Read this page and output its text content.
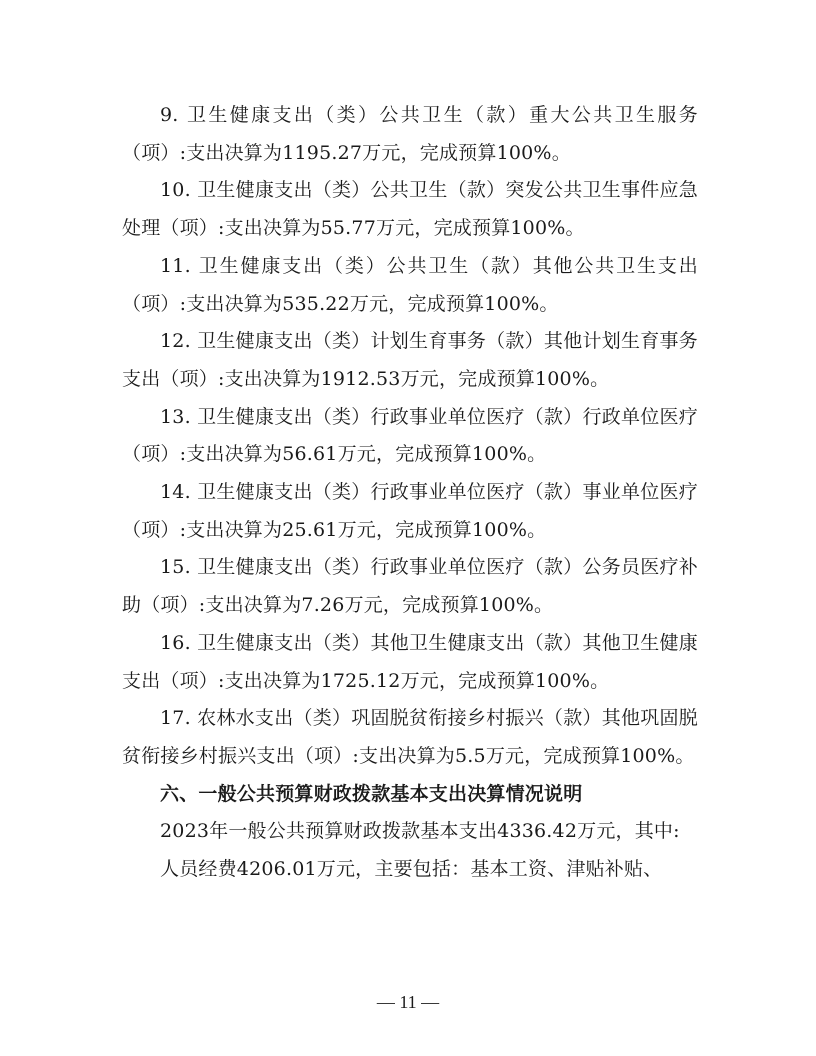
9. 卫生健康支出（类）公共卫生（款）重大公共卫生服务（项）:支出决算为1195.27万元，完成预算100%。

10. 卫生健康支出（类）公共卫生（款）突发公共卫生事件应急处理（项）:支出决算为55.77万元，完成预算100%。

11. 卫生健康支出（类）公共卫生（款）其他公共卫生支出（项）:支出决算为535.22万元，完成预算100%。

12. 卫生健康支出（类）计划生育事务（款）其他计划生育事务支出（项）:支出决算为1912.53万元，完成预算100%。

13. 卫生健康支出（类）行政事业单位医疗（款）行政单位医疗（项）:支出决算为56.61万元，完成预算100%。

14. 卫生健康支出（类）行政事业单位医疗（款）事业单位医疗（项）:支出决算为25.61万元，完成预算100%。

15. 卫生健康支出（类）行政事业单位医疗（款）公务员医疗补助（项）:支出决算为7.26万元，完成预算100%。

16. 卫生健康支出（类）其他卫生健康支出（款）其他卫生健康支出（项）:支出决算为1725.12万元，完成预算100%。

17. 农林水支出（类）巩固脱贫衔接乡村振兴（款）其他巩固脱贫衔接乡村振兴支出（项）:支出决算为5.5万元，完成预算100%。

六、一般公共预算财政拨款基本支出决算情况说明

2023年一般公共预算财政拨款基本支出4336.42万元，其中:

人员经费4206.01万元，主要包括：基本工资、津贴补贴、

— 11 —
